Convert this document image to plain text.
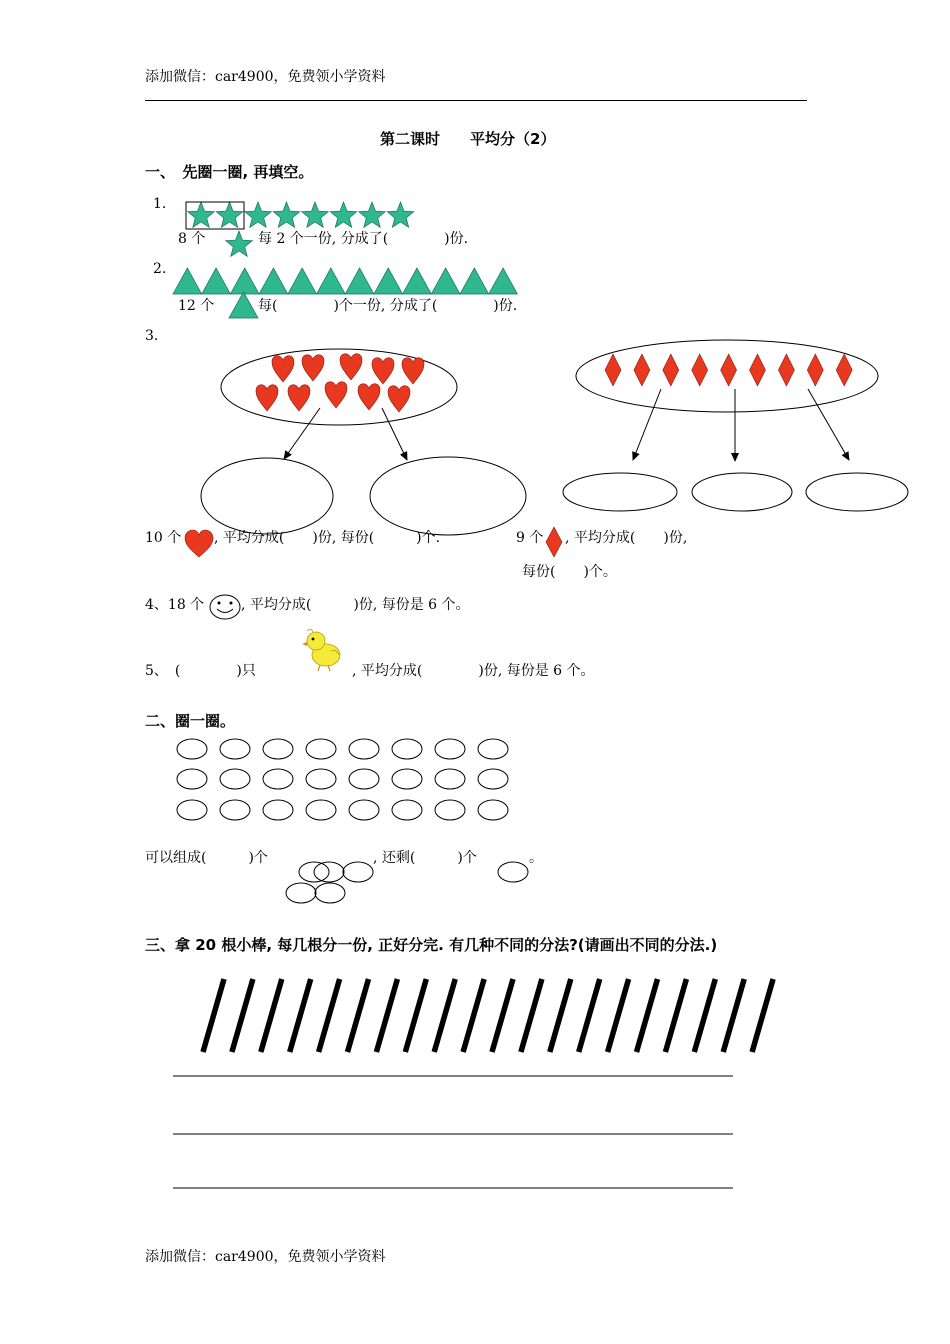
添加微信：car4900，免费领小学资料
添加微信：car4900，免费领小学资料
第二课时　　平均分（2）
一、　先圈一圈, 再填空。
1.
8 个	每 2 个一份, 分成了(　　　　)份.
2.
12 个	每(　　　　)个一份, 分成了(　　　　)份.
3.
10 个 , 平均分成(　　)份, 每份(　　　)个.	9 个 , 平均分成(　　)份,
每份(　　)个。
4、18 个	, 平均分成(　　　)份, 每份是 6 个。
5、　(　　　　)只	, 平均分成(　　　　)份, 每份是 6 个。
二、圈一圈。
可以组成(　　　)个	, 还剩(　　　)个	。
三、拿 20 根小棒, 每几根分一份, 正好分完. 有几种不同的分法?(请画出不同的分法.)
